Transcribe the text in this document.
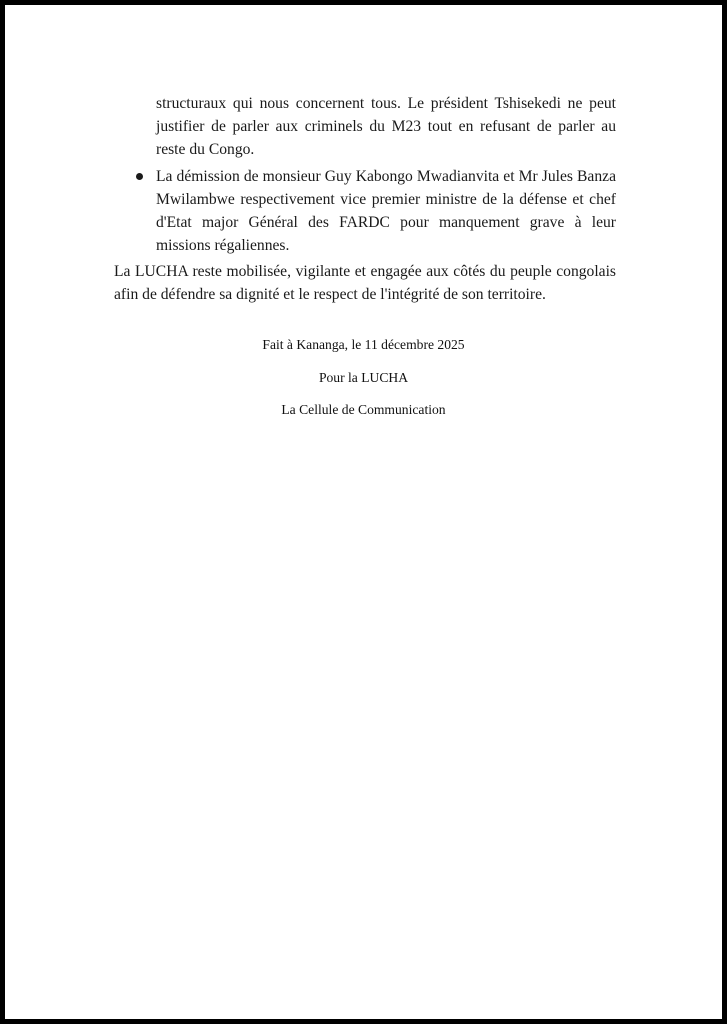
structuraux qui nous concernent tous. Le président Tshisekedi ne peut justifier de parler aux criminels du M23 tout en refusant de parler au reste du Congo.

La démission de monsieur Guy Kabongo Mwadianvita et Mr Jules Banza Mwilambwe respectivement vice premier ministre de la défense et chef d'Etat major Général des FARDC pour manquement grave à leur missions régaliennes.

La LUCHA reste mobilisée, vigilante et engagée aux côtés du peuple congolais afin de défendre sa dignité et le respect de l'intégrité de son territoire.

Fait à Kananga, le 11 décembre 2025

Pour la LUCHA

La Cellule de Communication
